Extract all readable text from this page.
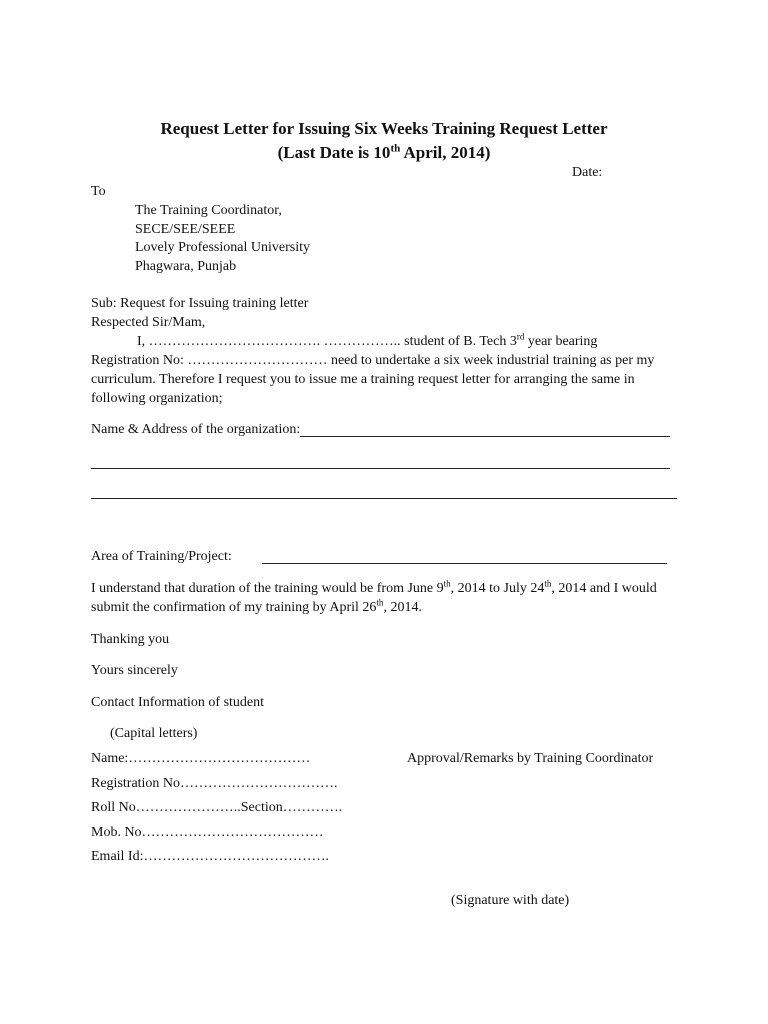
Request Letter for Issuing Six Weeks Training Request Letter
(Last Date is 10th April, 2014)
Date:
To
The Training Coordinator,
SECE/SEE/SEEE
Lovely Professional University
Phagwara, Punjab
Sub: Request for Issuing training letter
Respected Sir/Mam,
I, ………………………………. …………….. student of B. Tech 3rd year bearing
Registration No: ………………………… need to undertake a six week industrial training as per my
curriculum. Therefore I request you to issue me a training request letter for arranging the same in
following organization;
Name & Address of the organization:
Area of Training/Project:
I understand that duration of the training would be from June 9th, 2014 to July 24th, 2014 and I would
submit the confirmation of my training by April 26th, 2014.
Thanking you
Yours sincerely
Contact Information of student
(Capital letters)
Name:…………………………………	Approval/Remarks by Training Coordinator
Registration No…………………………….
Roll No…………………..Section………….
Mob. No…………………………………
Email Id:………………………………….
(Signature with date)
